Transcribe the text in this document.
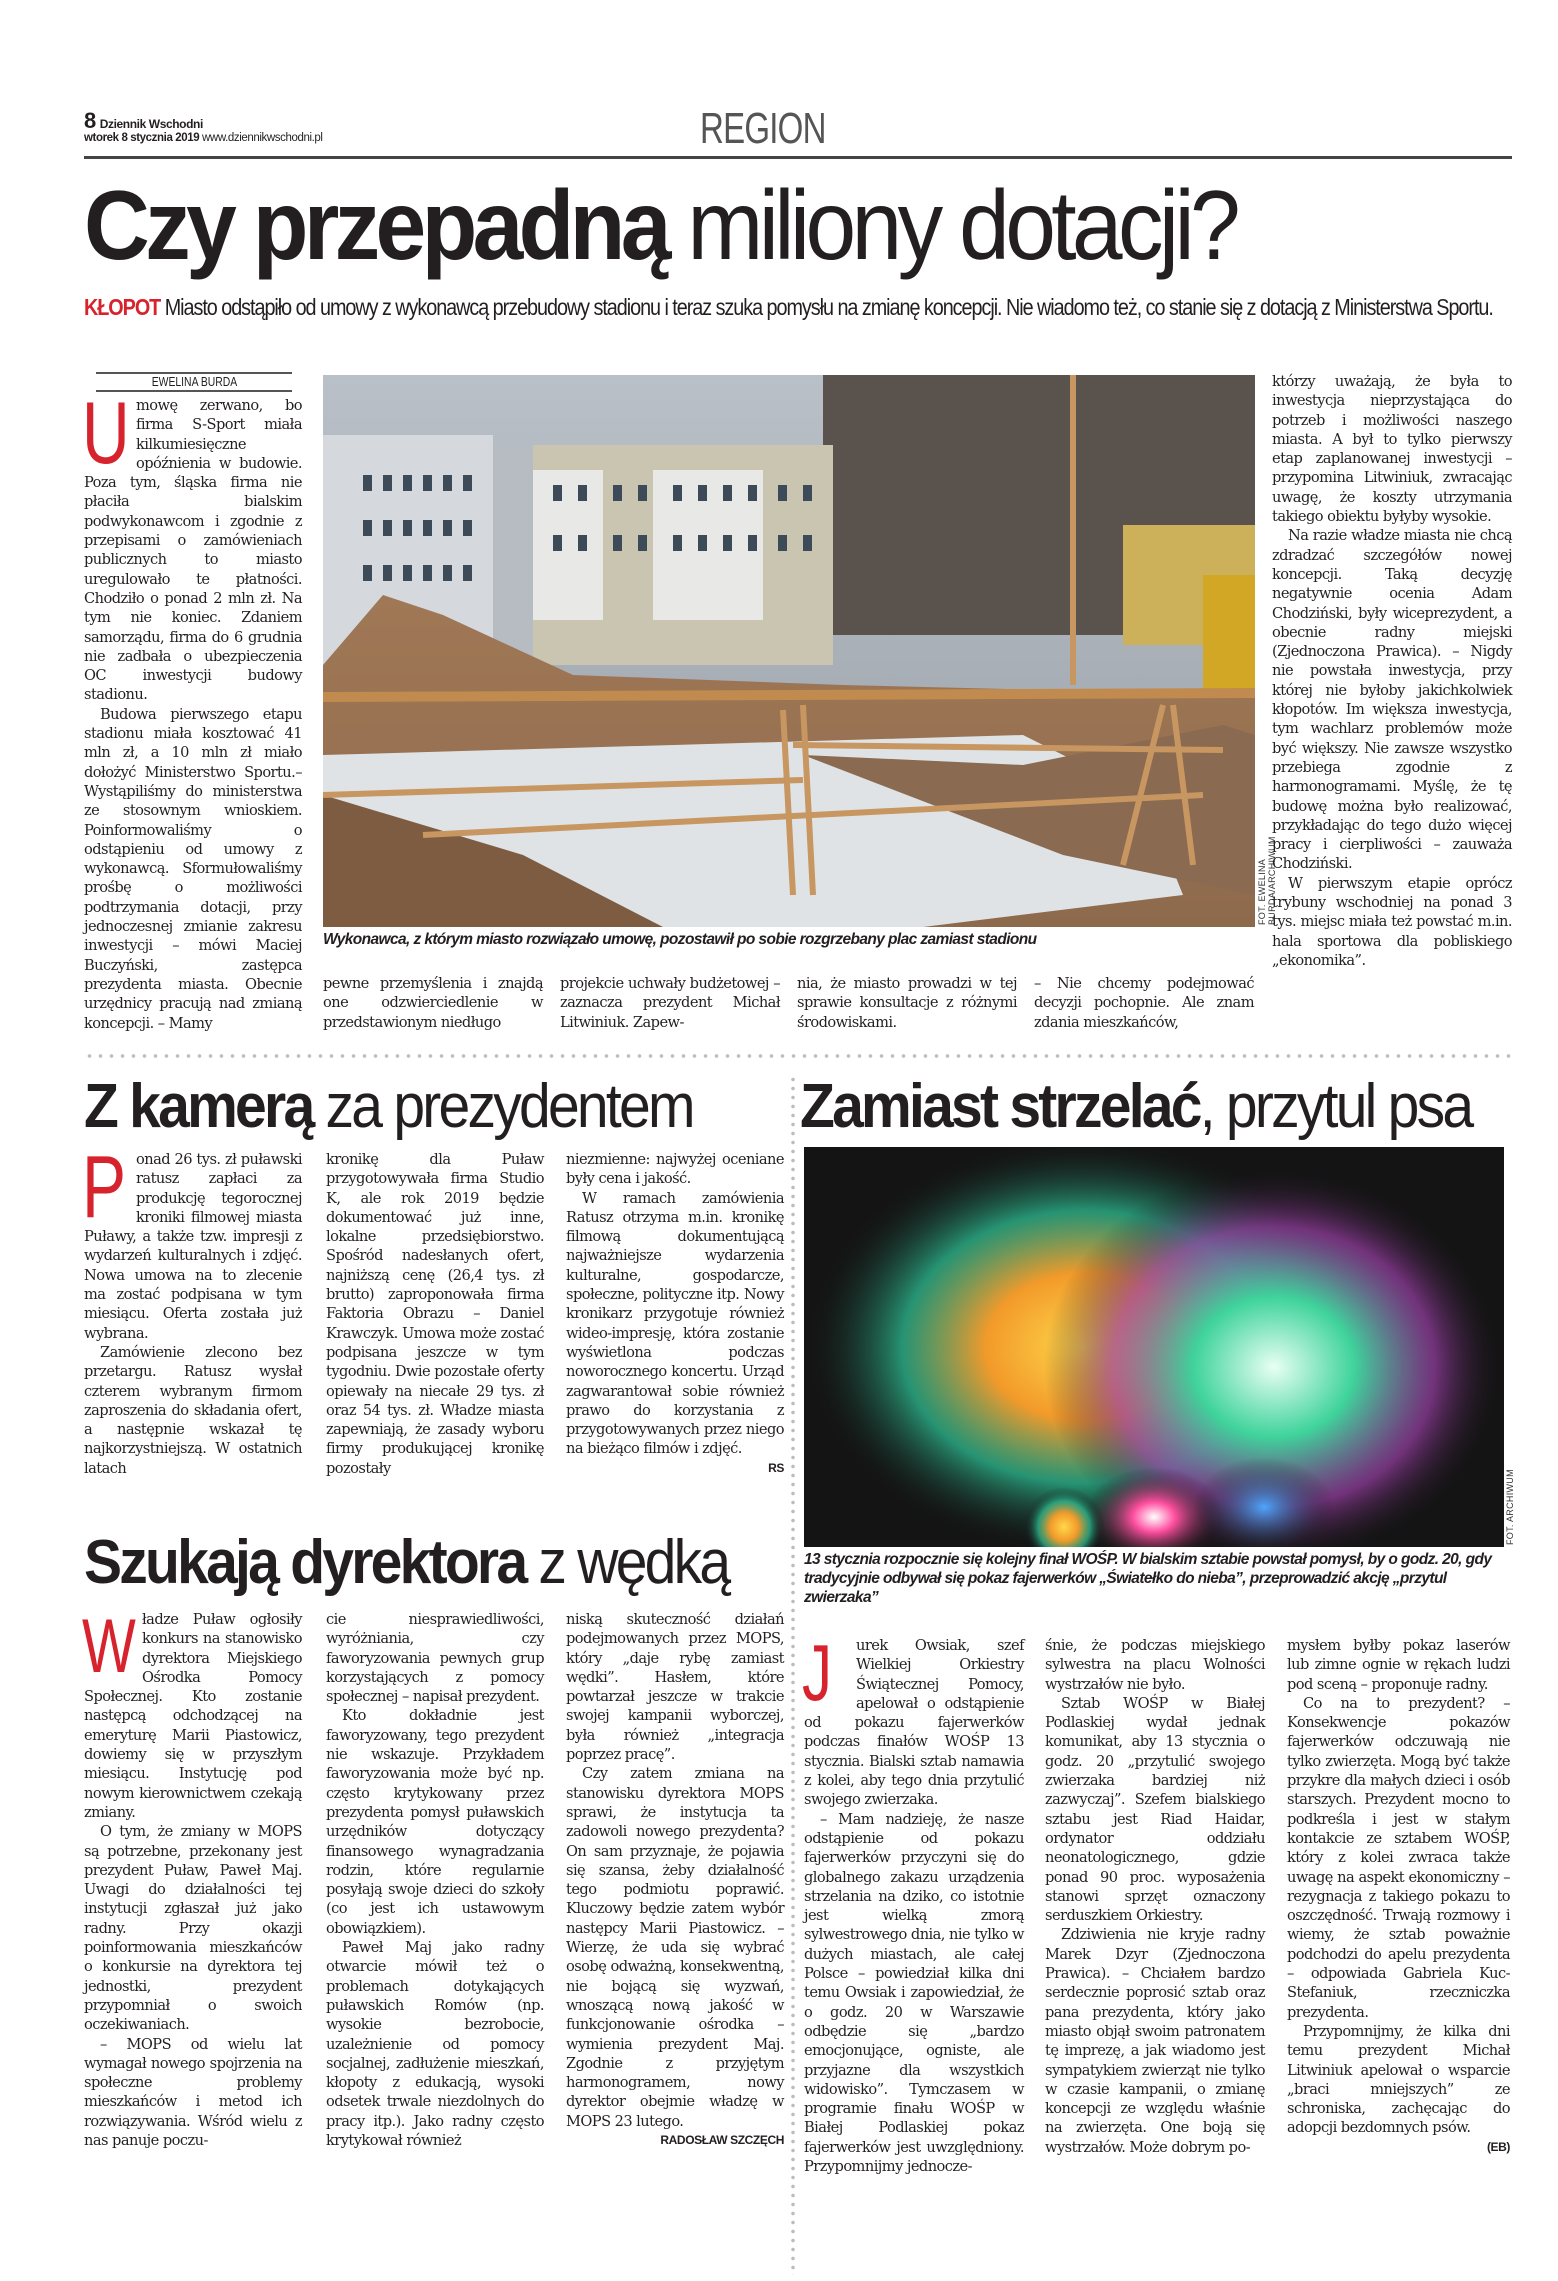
8 Dziennik Wschodni
wtorek 8 stycznia 2019 www.dziennikwschodni.pl	REGION
Czy przepadną miliony dotacji?
KŁOPOT Miasto odstąpiło od umowy z wykonawcą przebudowy stadionu i teraz szuka pomysłu na zmianę koncepcji. Nie wiadomo też, co stanie się z dotacją z Ministerstwa Sportu.
EWELINA BURDA
U mowę zerwano, bo firma S-Sport miała kilkumiesięczne opóźnienia w budowie. Poza tym, śląska firma nie płaciła bialskim podwykonawcom i zgodnie z przepisami o zamówieniach publicznych to miasto uregulowało te płatności. Chodziło o ponad 2 mln zł. Na tym nie koniec. Zdaniem samorządu, firma do 6 grudnia nie zadbała o ubezpieczenia OC inwestycji budowy stadionu.

Budowa pierwszego etapu stadionu miała kosztować 41 mln zł, a 10 mln zł miało dołożyć Ministerstwo Sportu.– Wystąpiliśmy do ministerstwa ze stosownym wnioskiem. Poinformowaliśmy o odstąpieniu od umowy z wykonawcą. Sformułowaliśmy prośbę o możliwości podtrzymania dotacji, przy jednoczesnej zmianie zakresu inwestycji – mówi Maciej Buczyński, zastępca prezydenta miasta. Obecnie urzędnicy pracują nad zmianą koncepcji. – Mamy

FOT. EWELINA BURDA/ARCHIWUM
Wykonawca, z którym miasto rozwiązało umowę, pozostawił po sobie rozgrzebany plac zamiast stadionu
pewne przemyślenia i znajdą one odzwierciedlenie w przedstawionym niedługo
projekcie uchwały budżetowej – zaznacza prezydent Michał Litwiniuk. Zapew-
nia, że miasto prowadzi w tej sprawie konsultacje z różnymi środowiskami.
– Nie chcemy podejmować decyzji pochopnie. Ale znam zdania mieszkańców,

którzy uważają, że była to inwestycja nieprzystająca do potrzeb i możliwości naszego miasta. A był to tylko pierwszy etap zaplanowanej inwestycji – przypomina Litwiniuk, zwracając uwagę, że koszty utrzymania takiego obiektu byłyby wysokie.

Na razie władze miasta nie chcą zdradzać szczegółów nowej koncepcji. Taką decyzję negatywnie ocenia Adam Chodziński, były wiceprezydent, a obecnie radny miejski (Zjednoczona Prawica). – Nigdy nie powstała inwestycja, przy której nie byłoby jakichkolwiek kłopotów. Im większa inwestycja, tym wachlarz problemów może być większy. Nie zawsze wszystko przebiega zgodnie z harmonogramami. Myślę, że tę budowę można było realizować, przykładając do tego dużo więcej pracy i cierpliwości – zauważa Chodziński.

W pierwszym etapie oprócz trybuny wschodniej na ponad 3 tys. miejsc miała też powstać m.in. hala sportowa dla pobliskiego „ekonomika”.

Z kamerą za prezydentem
P onad 26 tys. zł puławski ratusz zapłaci za produkcję tegorocznej kroniki filmowej miasta Puławy, a także tzw. impresji z wydarzeń kulturalnych i zdjęć. Nowa umowa na to zlecenie ma zostać podpisana w tym miesiącu. Oferta została już wybrana.

Zamówienie zlecono bez przetargu. Ratusz wysłał czterem wybranym firmom zaproszenia do składania ofert, a następnie wskazał tę najkorzystniejszą. W ostatnich latach

kronikę dla Puław przygotowywała firma Studio K, ale rok 2019 będzie dokumentować już inne, lokalne przedsiębiorstwo. Spośród nadesłanych ofert, najniższą cenę (26,4 tys. zł brutto) zaproponowała firma Faktoria Obrazu – Daniel Krawczyk. Umowa może zostać podpisana jeszcze w tym tygodniu. Dwie pozostałe oferty opiewały na niecałe 29 tys. zł oraz 54 tys. zł. Władze miasta zapewniają, że zasady wyboru firmy produkującej kronikę pozostały

niezmienne: najwyżej oceniane były cena i jakość.

W ramach zamówienia Ratusz otrzyma m.in. kronikę filmową dokumentującą najważniejsze wydarzenia kulturalne, gospodarcze, społeczne, polityczne itp. Nowy kronikarz przygotuje również wideo-impresję, która zostanie wyświetlona podczas noworocznego koncertu. Urząd zagwarantował sobie również prawo do korzystania z przygotowywanych przez niego na bieżąco filmów i zdjęć.

RS
Zamiast strzelać, przytul psa
FOT. ARCHIWUM
13 stycznia rozpocznie się kolejny finał WOŚP. W bialskim sztabie powstał pomysł, by o godz. 20, gdy tradycyjnie odbywał się pokaz fajerwerków „Światełko do nieba”, przeprowadzić akcję „przytul zwierzaka”
J	urek Owsiak, szef Wielkiej Orkiestry Świątecznej Pomocy, apelował o odstąpienie od pokazu fajerwerków podczas finałów WOŚP 13 stycznia. Bialski sztab namawia z kolei, aby tego dnia przytulić swojego zwierzaka.

– Mam nadzieję, że nasze odstąpienie od pokazu fajerwerków przyczyni się do globalnego zakazu urządzenia strzelania na dziko, co istotnie jest wielką zmorą sylwestrowego dnia, nie tylko w dużych miastach, ale całej Polsce – powiedział kilka dni temu Owsiak i zapowiedział, że o godz. 20 w Warszawie odbędzie się „bardzo emocjonujące, ogniste, ale przyjazne dla wszystkich widowisko”. Tymczasem w programie finału WOŚP w Białej Podlaskiej pokaz fajerwerków jest uwzględniony. Przypomnijmy jednocze-

śnie, że podczas miejskiego sylwestra na placu Wolności wystrzałów nie było.

Sztab WOŚP w Białej Podlaskiej wydał jednak komunikat, aby 13 stycznia o godz. 20 „przytulić swojego zwierzaka bardziej niż zazwyczaj”. Szefem bialskiego sztabu jest Riad Haidar, ordynator oddziału neonatologicznego, gdzie ponad 90 proc. wyposażenia stanowi sprzęt oznaczony serduszkiem Orkiestry.

Zdziwienia nie kryje radny Marek Dzyr (Zjednoczona Prawica). – Chciałem bardzo serdecznie poprosić sztab oraz pana prezydenta, który jako miasto objął swoim patronatem tę imprezę, a jak wiadomo jest sympatykiem zwierząt nie tylko w czasie kampanii, o zmianę koncepcji ze względu właśnie na zwierzęta. One boją się wystrzałów. Może dobrym po-

mysłem byłby pokaz laserów lub zimne ognie w rękach ludzi pod sceną – proponuje radny.

Co na to prezydent? – Konsekwencje pokazów fajerwerków odczuwają nie tylko zwierzęta. Mogą być także przykre dla małych dzieci i osób starszych. Prezydent mocno to podkreśla i jest w stałym kontakcie ze sztabem WOŚP, który z kolei zwraca także uwagę na aspekt ekonomiczny – rezygnacja z takiego pokazu to oszczędność. Trwają rozmowy i wiemy, że sztab poważnie podchodzi do apelu prezydenta – odpowiada Gabriela Kuc-Stefaniuk, rzeczniczka prezydenta.

Przypomnijmy, że kilka dni temu prezydent Michał Litwiniuk apelował o wsparcie „braci mniejszych” ze schroniska, zachęcając do adopcji bezdomnych psów.

(EB)
Szukają dyrektora z wędką
W ładze Puław ogłosiły konkurs na stanowisko dyrektora Miejskiego Ośrodka Pomocy Społecznej. Kto zostanie następcą odchodzącej na emeryturę Marii Piastowicz, dowiemy się w przyszłym miesiącu. Instytucję pod nowym kierownictwem czekają zmiany.

O tym, że zmiany w MOPS są potrzebne, przekonany jest prezydent Puław, Paweł Maj. Uwagi do działalności tej instytucji zgłaszał już jako radny. Przy okazji poinformowania mieszkańców o konkursie na dyrektora tej jednostki, prezydent przypomniał o swoich oczekiwaniach.

– MOPS od wielu lat wymagał nowego spojrzenia na społeczne problemy mieszkańców i metod ich rozwiązywania. Wśród wielu z nas panuje poczu-

cie niesprawiedliwości, wyróżniania, czy faworyzowania pewnych grup korzystających z pomocy społecznej – napisał prezydent.

Kto dokładnie jest faworyzowany, tego prezydent nie wskazuje. Przykładem faworyzowania może być np. często krytykowany przez prezydenta pomysł puławskich urzędników dotyczący finansowego wynagradzania rodzin, które regularnie posyłają swoje dzieci do szkoły (co jest ich ustawowym obowiązkiem).

Paweł Maj jako radny otwarcie mówił też o problemach dotykających puławskich Romów (np. wysokie bezrobocie, uzależnienie od pomocy socjalnej, zadłużenie mieszkań, kłopoty z edukacją, wysoki odsetek trwale niezdolnych do pracy itp.). Jako radny często krytykował również

niską skuteczność działań podejmowanych przez MOPS, który „daje rybę zamiast wędki”. Hasłem, które powtarzał jeszcze w trakcie swojej kampanii wyborczej, była również „integracja poprzez pracę”.

Czy zatem zmiana na stanowisku dyrektora MOPS sprawi, że instytucja ta zadowoli nowego prezydenta? On sam przyznaje, że pojawia się szansa, żeby działalność tego podmiotu poprawić. Kluczowy będzie zatem wybór następcy Marii Piastowicz. – Wierzę, że uda się wybrać osobę odważną, konsekwentną, nie bojącą się wyzwań, wnoszącą nową jakość w funkcjonowanie ośrodka – wymienia prezydent Maj. Zgodnie z przyjętym harmonogramem, nowy dyrektor obejmie władzę w MOPS 23 lutego.

RADOSŁAW SZCZĘCH
